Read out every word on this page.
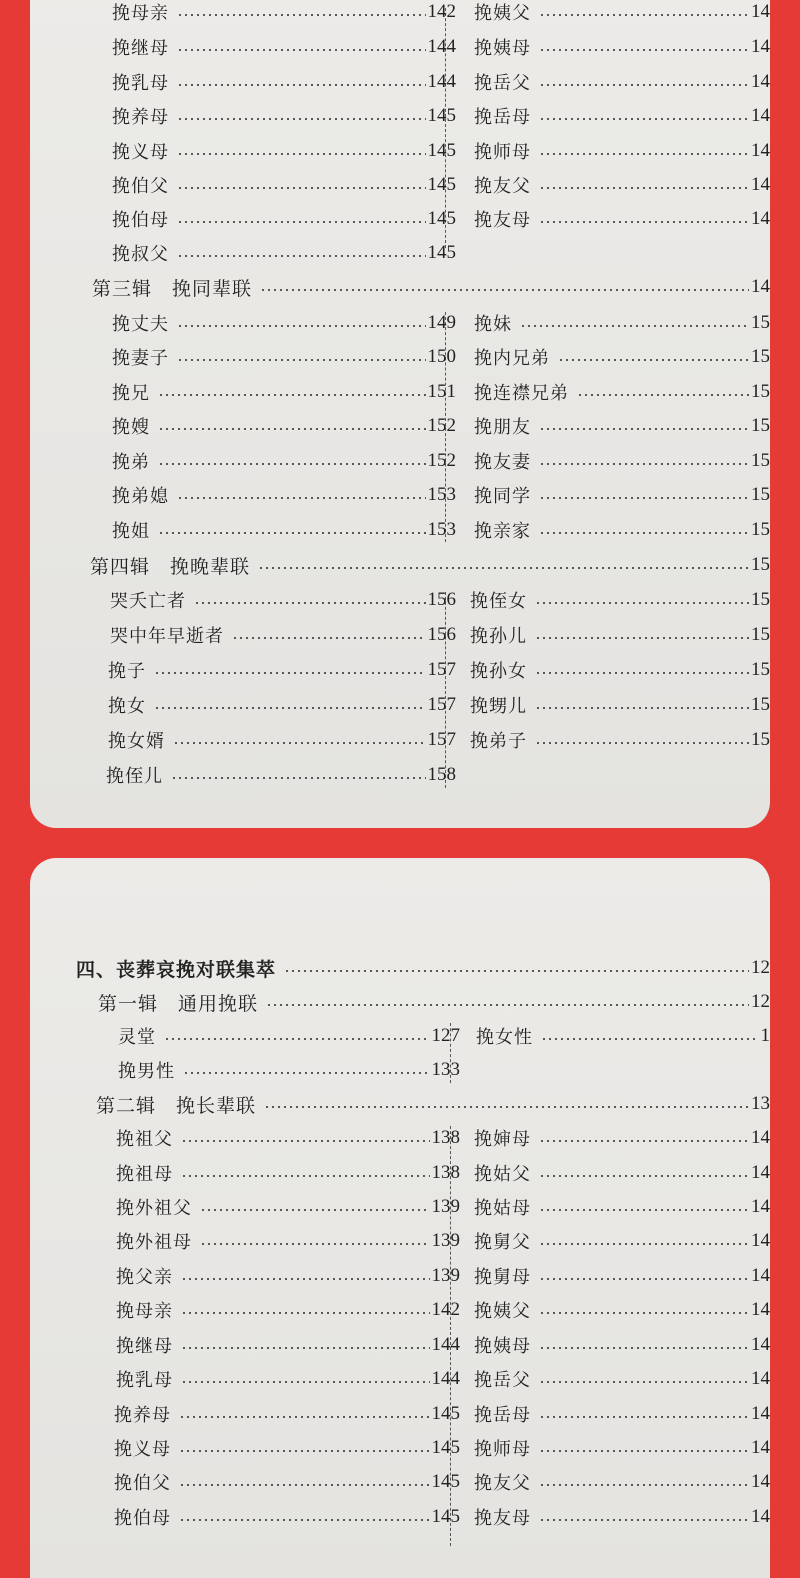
挽母亲	142
挽继母	144
挽乳母	144
挽养母	145
挽义母	145
挽伯父	145
挽伯母	145
挽叔父	145
第三辑　挽同辈联	14
挽丈夫	149
挽妻子	150
挽兄	151
挽嫂	152
挽弟	152
挽弟媳	153
挽姐	153
第四辑　挽晚辈联	15
哭夭亡者	156
哭中年早逝者	156
挽子	157
挽女	157
挽女婿	157
挽侄儿	158
挽姨父	14
挽姨母	14
挽岳父	14
挽岳母	14
挽师母	14
挽友父	14
挽友母	14
挽妹	15
挽内兄弟	15
挽连襟兄弟	15
挽朋友	15
挽友妻	15
挽同学	15
挽亲家	15
挽侄女	15
挽孙儿	15
挽孙女	15
挽甥儿	15
挽弟子	15
四、丧葬哀挽对联集萃	12
第一辑　通用挽联	12
灵堂	127
挽男性	133
第二辑　挽长辈联	13
挽祖父	138
挽祖母	138
挽外祖父	139
挽外祖母	139
挽父亲	139
挽母亲	142
挽继母	144
挽乳母	144
挽养母	145
挽义母	145
挽伯父	145
挽伯母	145
挽女性	1
挽婶母	14
挽姑父	14
挽姑母	14
挽舅父	14
挽舅母	14
挽姨父	14
挽姨母	14
挽岳父	14
挽岳母	14
挽师母	14
挽友父	14
挽友母	14
